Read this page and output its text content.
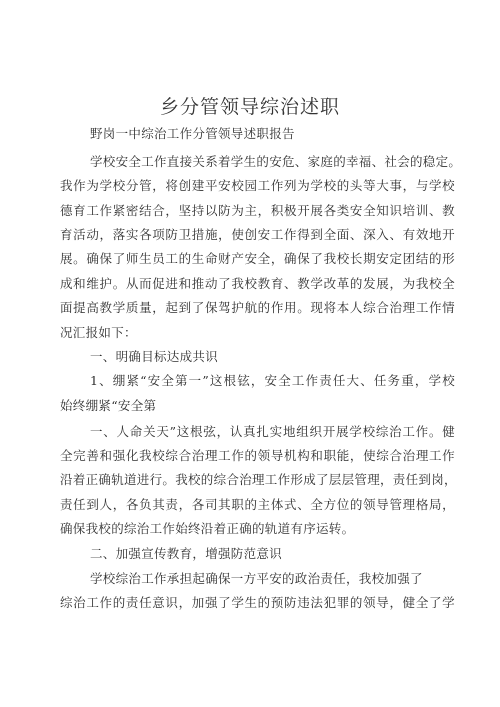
乡分管领导综治述职
野岗一中综治工作分管领导述职报告
学校安全工作直接关系着学生的安危、家庭的幸福、社会的稳定。
我作为学校分管，将创建平安校园工作列为学校的头等大事，与学校
德育工作紧密结合，坚持以防为主，积极开展各类安全知识培训、教
育活动，落实各项防卫措施，使创安工作得到全面、深入、有效地开
展。确保了师生员工的生命财产安全，确保了我校长期安定团结的形
成和维护。从而促进和推动了我校教育、教学改革的发展，为我校全
面提高教学质量，起到了保驾护航的作用。现将本人综合治理工作情
况汇报如下：
一、明确目标达成共识
1、绷紧“安全第一”这根铉，安全工作责任大、任务重，学校
始终绷紧“安全第
一、人命关天”这根弦，认真扎实地组织开展学校综治工作。健
全完善和强化我校综合治理工作的领导机构和职能，使综合治理工作
沿着正确轨道进行。我校的综合治理工作形成了层层管理，责任到岗，
责任到人，各负其责，各司其职的主体式、全方位的领导管理格局，
确保我校的综治工作始终沿着正确的轨道有序运转。
二、加强宣传教育，增强防范意识
学校综治工作承担起确保一方平安的政治责任，我校加强了
综治工作的责任意识，加强了学生的预防违法犯罪的领导，健全了学
